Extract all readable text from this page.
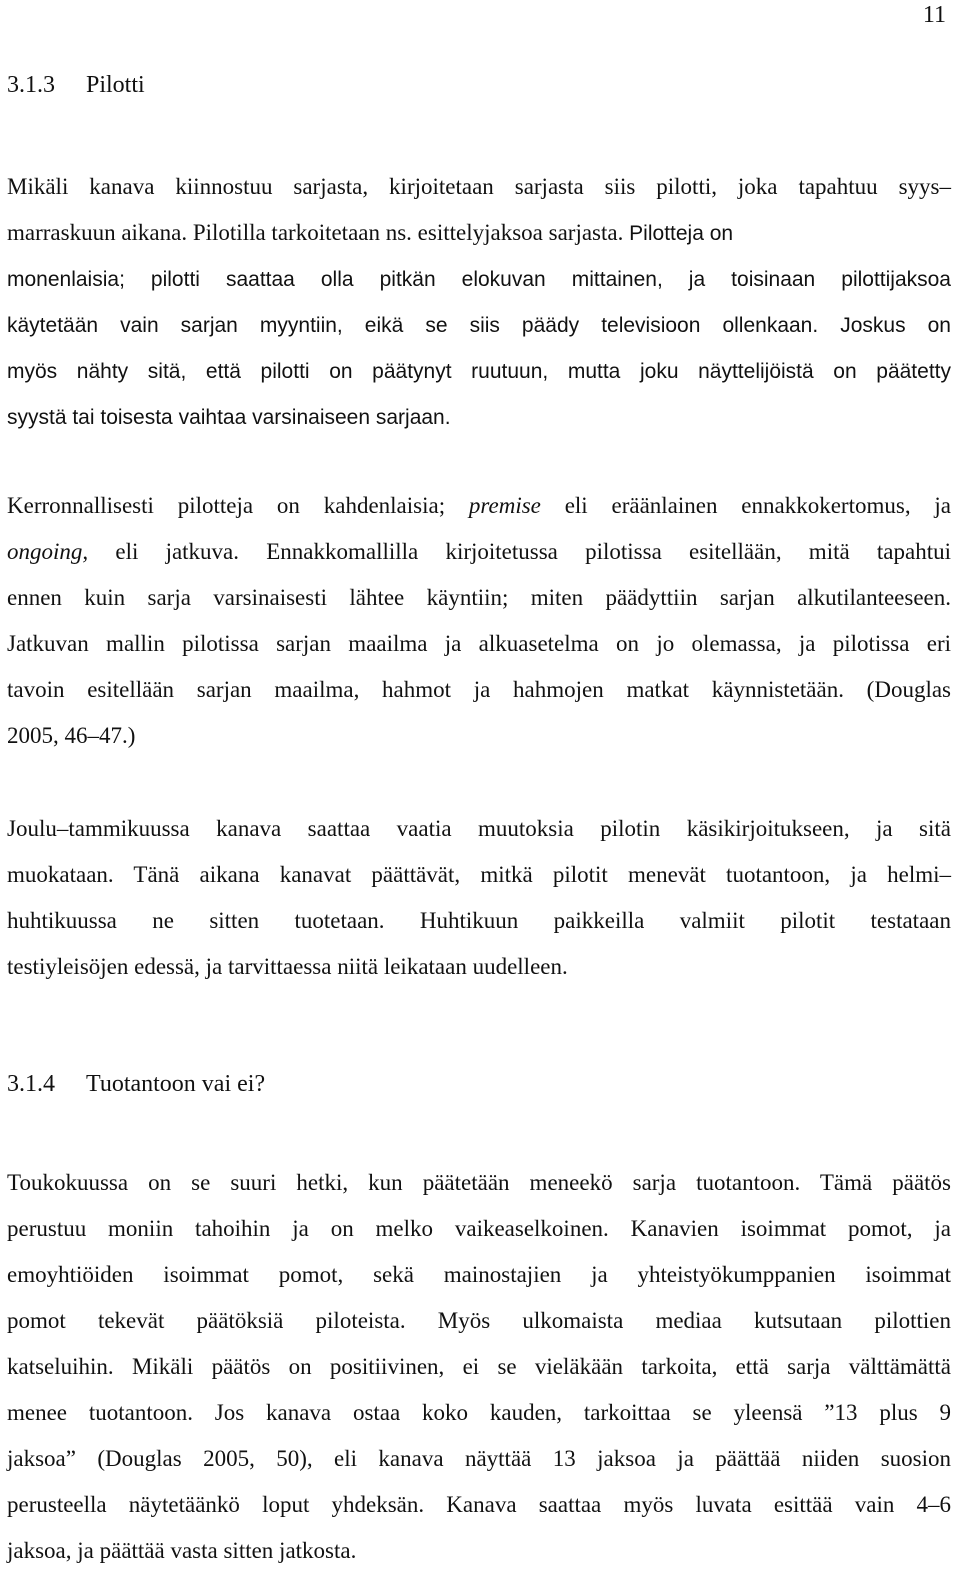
11
3.1.3 Pilotti
Mikäli kanava kiinnostuu sarjasta, kirjoitetaan sarjasta siis pilotti, joka tapahtuu syys–
marraskuun aikana. Pilotilla tarkoitetaan ns. esittelyjaksoa sarjasta. Pilotteja on
monenlaisia; pilotti saattaa olla pitkän elokuvan mittainen, ja toisinaan pilottijaksoa
käytetään vain sarjan myyntiin, eikä se siis päädy televisioon ollenkaan. Joskus on
myös nähty sitä, että pilotti on päätynyt ruutuun, mutta joku näyttelijöistä on päätetty
syystä tai toisesta vaihtaa varsinaiseen sarjaan.
Kerronnallisesti pilotteja on kahdenlaisia; premise eli eräänlainen ennakkokertomus, ja
ongoing, eli jatkuva. Ennakkomallilla kirjoitetussa pilotissa esitellään, mitä tapahtui
ennen kuin sarja varsinaisesti lähtee käyntiin; miten päädyttiin sarjan alkutilanteeseen.
Jatkuvan mallin pilotissa sarjan maailma ja alkuasetelma on jo olemassa, ja pilotissa eri
tavoin esitellään sarjan maailma, hahmot ja hahmojen matkat käynnistetään. (Douglas
2005, 46–47.)
Joulu–tammikuussa kanava saattaa vaatia muutoksia pilotin käsikirjoitukseen, ja sitä
muokataan. Tänä aikana kanavat päättävät, mitkä pilotit menevät tuotantoon, ja helmi–
huhtikuussa ne sitten tuotetaan. Huhtikuun paikkeilla valmiit pilotit testataan
testiyleisöjen edessä, ja tarvittaessa niitä leikataan uudelleen.
3.1.4 Tuotantoon vai ei?
Toukokuussa on se suuri hetki, kun päätetään meneekö sarja tuotantoon. Tämä päätös
perustuu moniin tahoihin ja on melko vaikeaselkoinen. Kanavien isoimmat pomot, ja
emoyhtiöiden isoimmat pomot, sekä mainostajien ja yhteistyökumppanien isoimmat
pomot tekevät päätöksiä piloteista. Myös ulkomaista mediaa kutsutaan pilottien
katseluihin. Mikäli päätös on positiivinen, ei se vieläkään tarkoita, että sarja välttämättä
menee tuotantoon. Jos kanava ostaa koko kauden, tarkoittaa se yleensä ”13 plus 9
jaksoa” (Douglas 2005, 50), eli kanava näyttää 13 jaksoa ja päättää niiden suosion
perusteella näytetäänkö loput yhdeksän. Kanava saattaa myös luvata esittää vain 4–6
jaksoa, ja päättää vasta sitten jatkosta.
